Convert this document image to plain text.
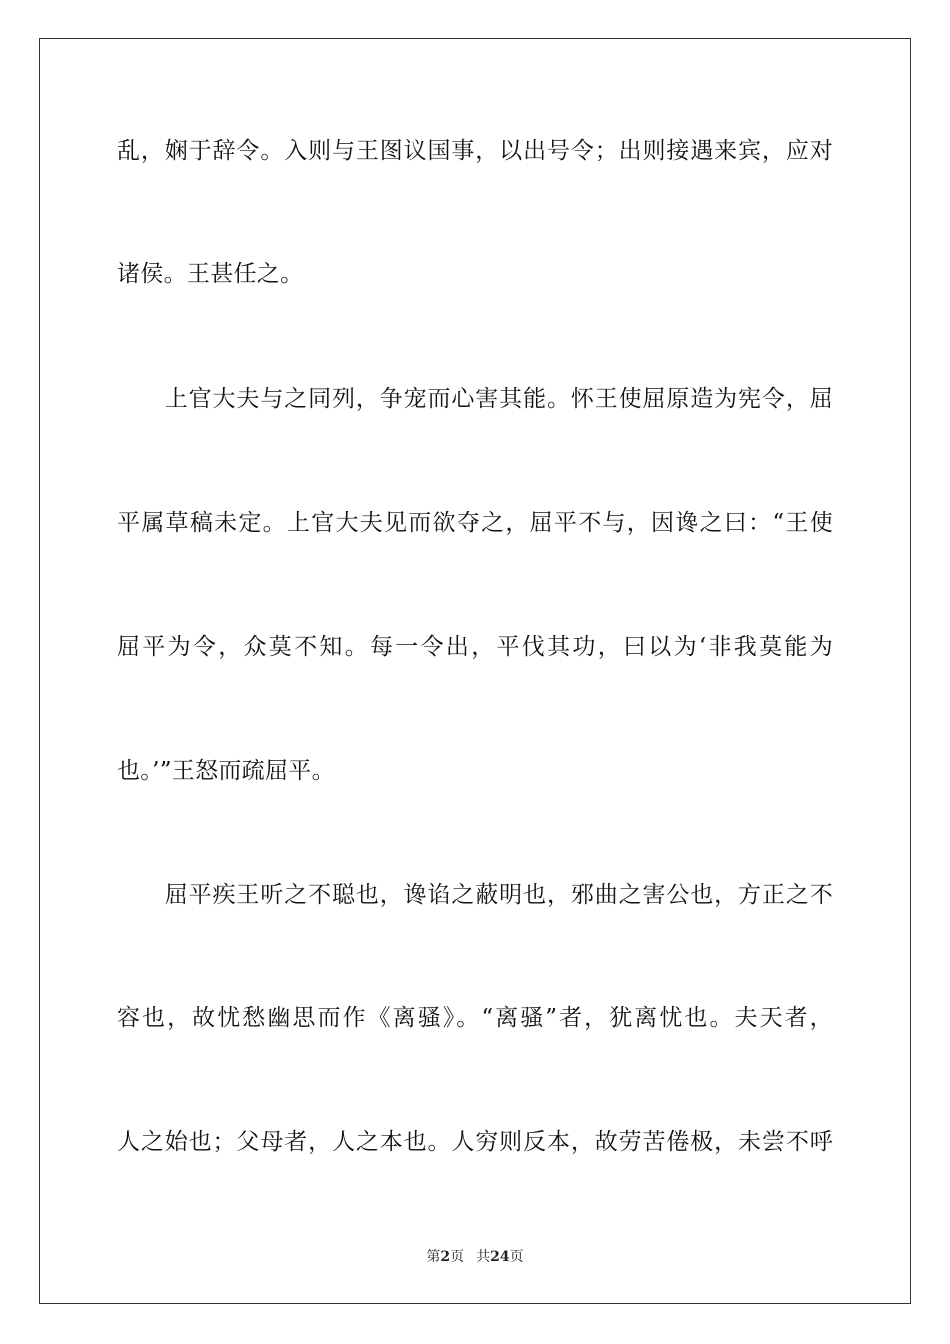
乱，娴于辞令。入则与王图议国事，以出号令；出则接遇来宾，应对
诸侯。王甚任之。
　　上官大夫与之同列，争宠而心害其能。怀王使屈原造为宪令，屈
平属草稿未定。上官大夫见而欲夺之，屈平不与，因谗之曰：“王使
屈平为令，众莫不知。每一令出，平伐其功，曰以为‘非我莫能为
也。’”王怒而疏屈平。
　　屈平疾王听之不聪也，谗谄之蔽明也，邪曲之害公也，方正之不
容也，故忧愁幽思而作《离骚》。“离骚”者，犹离忧也。夫天者，
人之始也；父母者，人之本也。人穷则反本，故劳苦倦极，未尝不呼
第2页 共24页
